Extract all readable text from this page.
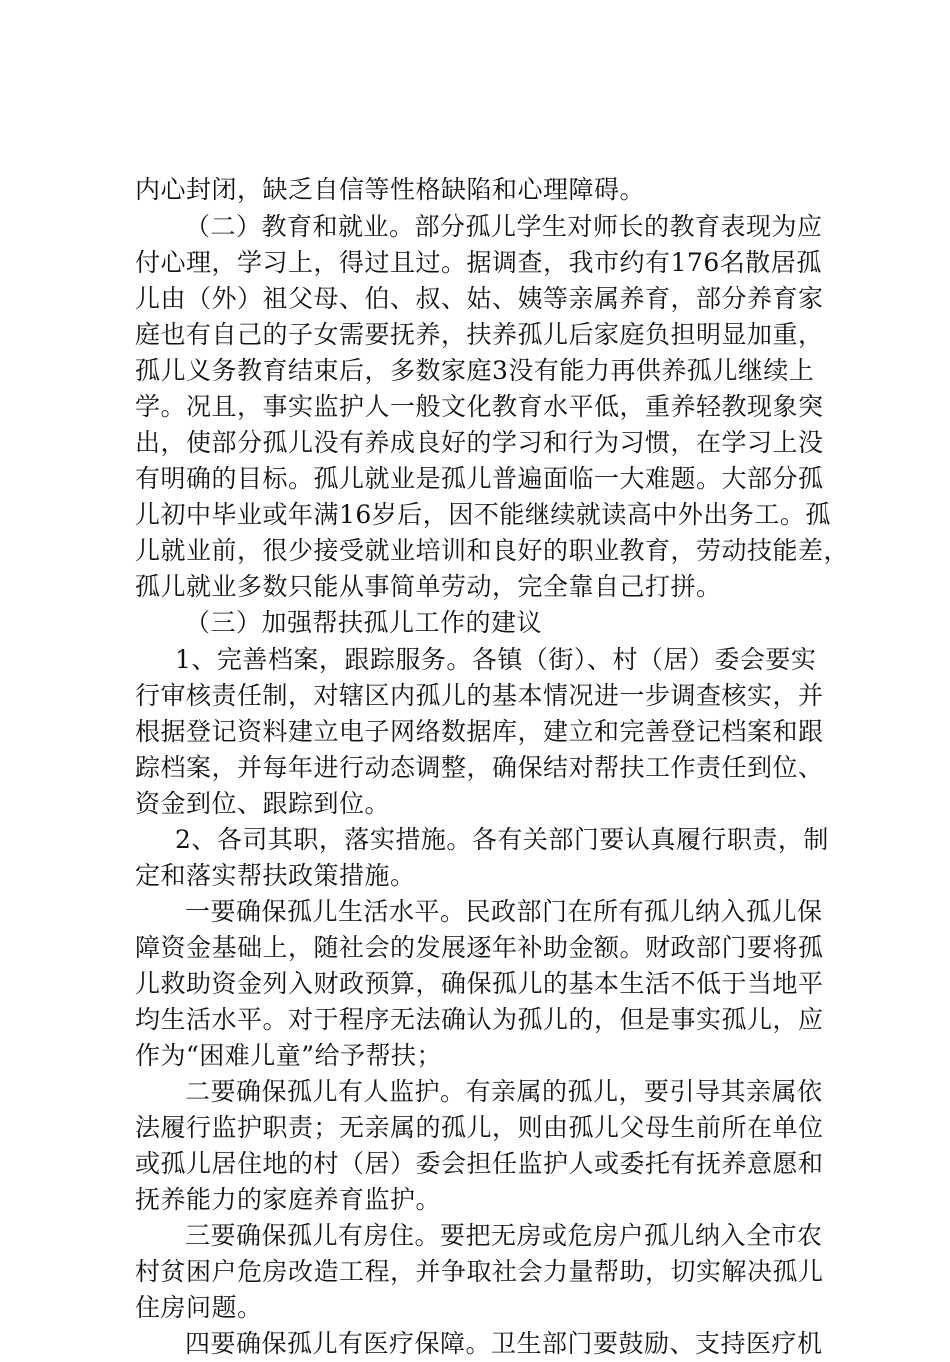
内心封闭，缺乏自信等性格缺陷和心理障碍。
（二）教育和就业。部分孤儿学生对师长的教育表现为应
付心理，学习上，得过且过。据调查，我市约有176名散居孤
儿由（外）祖父母、伯、叔、姑、姨等亲属养育，部分养育家
庭也有自己的子女需要抚养，扶养孤儿后家庭负担明显加重，
孤儿义务教育结束后，多数家庭3没有能力再供养孤儿继续上
学。况且，事实监护人一般文化教育水平低，重养轻教现象突
出，使部分孤儿没有养成良好的学习和行为习惯，在学习上没
有明确的目标。孤儿就业是孤儿普遍面临一大难题。大部分孤
儿初中毕业或年满16岁后，因不能继续就读高中外出务工。孤
儿就业前，很少接受就业培训和良好的职业教育，劳动技能差，
孤儿就业多数只能从事简单劳动，完全靠自己打拼。
（三）加强帮扶孤儿工作的建议
1、完善档案，跟踪服务。各镇（街）、村（居）委会要实
行审核责任制，对辖区内孤儿的基本情况进一步调查核实，并
根据登记资料建立电子网络数据库，建立和完善登记档案和跟
踪档案，并每年进行动态调整，确保结对帮扶工作责任到位、
资金到位、跟踪到位。
2、各司其职，落实措施。各有关部门要认真履行职责，制
定和落实帮扶政策措施。
一要确保孤儿生活水平。民政部门在所有孤儿纳入孤儿保
障资金基础上，随社会的发展逐年补助金额。财政部门要将孤
儿救助资金列入财政预算，确保孤儿的基本生活不低于当地平
均生活水平。对于程序无法确认为孤儿的，但是事实孤儿，应
作为“困难儿童”给予帮扶；
二要确保孤儿有人监护。有亲属的孤儿，要引导其亲属依
法履行监护职责；无亲属的孤儿，则由孤儿父母生前所在单位
或孤儿居住地的村（居）委会担任监护人或委托有抚养意愿和
抚养能力的家庭养育监护。
三要确保孤儿有房住。要把无房或危房户孤儿纳入全市农
村贫困户危房改造工程，并争取社会力量帮助，切实解决孤儿
住房问题。
四要确保孤儿有医疗保障。卫生部门要鼓励、支持医疗机
